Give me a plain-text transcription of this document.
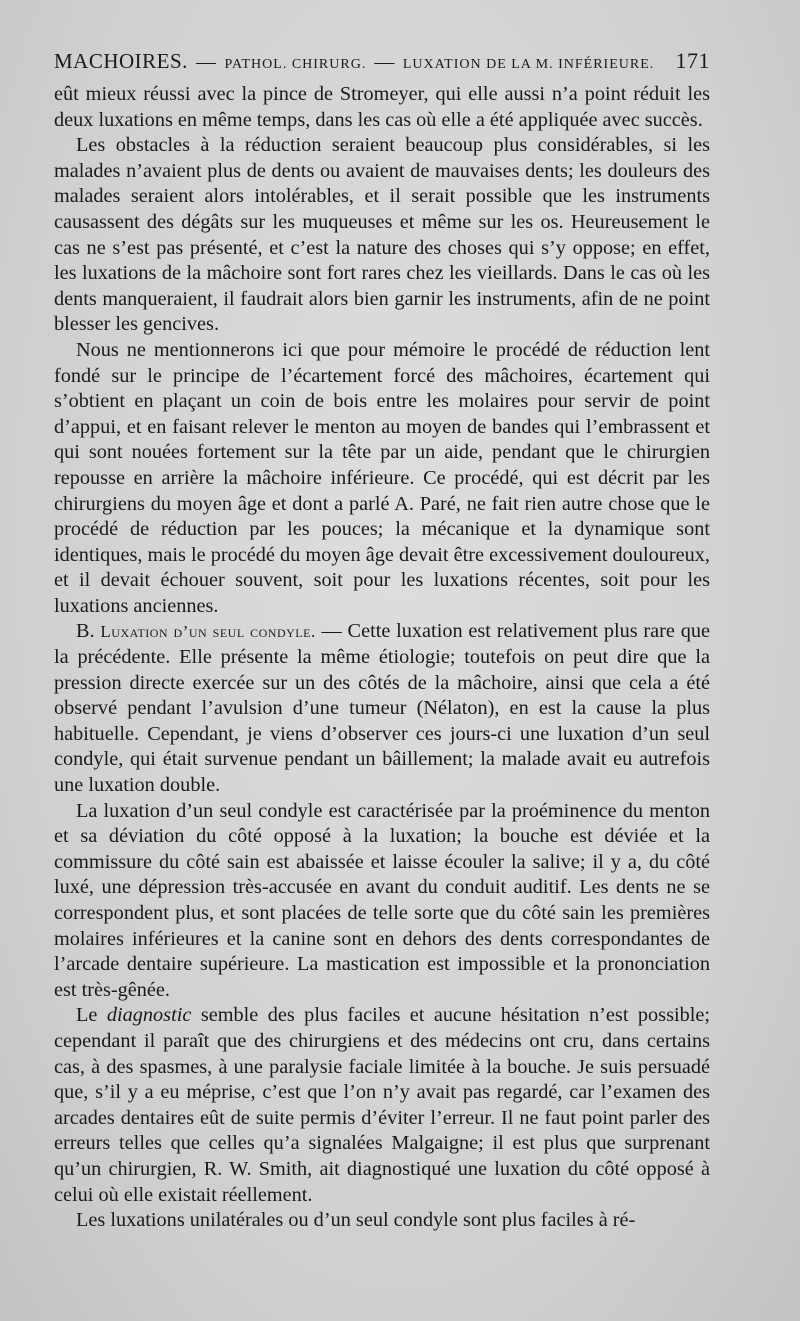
MACHOIRES. — PATHOL. CHIRURG. — LUXATION DE LA M. INFÉRIEURE. 171

eût mieux réussi avec la pince de Stromeyer, qui elle aussi n’a point réduit les deux luxations en même temps, dans les cas où elle a été appliquée avec succès.

Les obstacles à la réduction seraient beaucoup plus considérables, si les malades n’avaient plus de dents ou avaient de mauvaises dents; les douleurs des malades seraient alors intolérables, et il serait possible que les instruments causassent des dégâts sur les muqueuses et même sur les os. Heureusement le cas ne s’est pas présenté, et c’est la nature des choses qui s’y oppose; en effet, les luxations de la mâchoire sont fort rares chez les vieillards. Dans le cas où les dents manqueraient, il faudrait alors bien garnir les instruments, afin de ne point blesser les gencives.

Nous ne mentionnerons ici que pour mémoire le procédé de réduction lent fondé sur le principe de l’écartement forcé des mâchoires, écartement qui s’obtient en plaçant un coin de bois entre les molaires pour servir de point d’appui, et en faisant relever le menton au moyen de bandes qui l’embrassent et qui sont nouées fortement sur la tête par un aide, pendant que le chirurgien repousse en arrière la mâchoire inférieure. Ce procédé, qui est décrit par les chirurgiens du moyen âge et dont a parlé A. Paré, ne fait rien autre chose que le procédé de réduction par les pouces; la mécanique et la dynamique sont identiques, mais le procédé du moyen âge devait être excessivement douloureux, et il devait échouer souvent, soit pour les luxations récentes, soit pour les luxations anciennes.

B. Luxation d’un seul condyle. — Cette luxation est relativement plus rare que la précédente. Elle présente la même étiologie; toutefois on peut dire que la pression directe exercée sur un des côtés de la mâchoire, ainsi que cela a été observé pendant l’avulsion d’une tumeur (Nélaton), en est la cause la plus habituelle. Cependant, je viens d’observer ces jours-ci une luxation d’un seul condyle, qui était survenue pendant un bâillement; la malade avait eu autrefois une luxation double.

La luxation d’un seul condyle est caractérisée par la proéminence du menton et sa déviation du côté opposé à la luxation; la bouche est déviée et la commissure du côté sain est abaissée et laisse écouler la salive; il y a, du côté luxé, une dépression très-accusée en avant du conduit auditif. Les dents ne se correspondent plus, et sont placées de telle sorte que du côté sain les premières molaires inférieures et la canine sont en dehors des dents correspondantes de l’arcade dentaire supérieure. La mastication est impossible et la prononciation est très-gênée.

Le diagnostic semble des plus faciles et aucune hésitation n’est possible; cependant il paraît que des chirurgiens et des médecins ont cru, dans certains cas, à des spasmes, à une paralysie faciale limitée à la bouche. Je suis persuadé que, s’il y a eu méprise, c’est que l’on n’y avait pas regardé, car l’examen des arcades dentaires eût de suite permis d’éviter l’erreur. Il ne faut point parler des erreurs telles que celles qu’a signalées Malgaigne; il est plus que surprenant qu’un chirurgien, R. W. Smith, ait diagnostiqué une luxation du côté opposé à celui où elle existait réellement.

Les luxations unilatérales ou d’un seul condyle sont plus faciles à ré-
